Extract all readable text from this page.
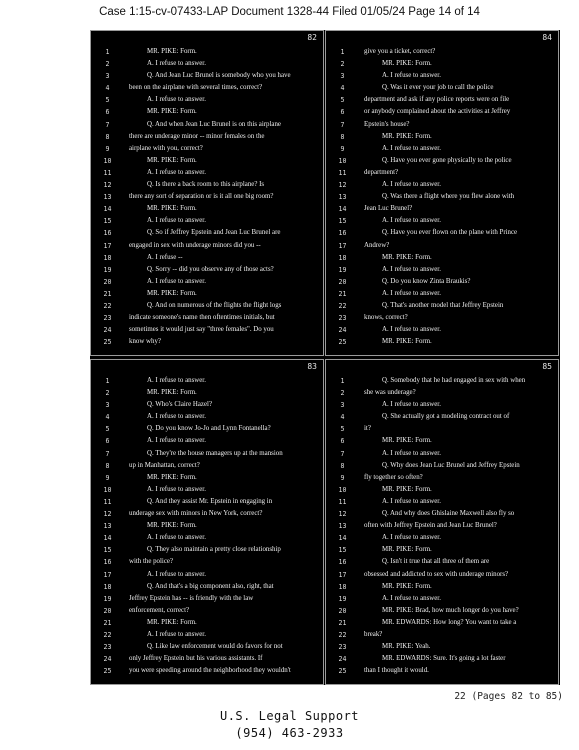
Case 1:15-cv-07433-LAP Document 1328-44 Filed 01/05/24 Page 14 of 14
82
1	MR. PIKE: Form.
2	A. I refuse to answer.
3	Q. And Jean Luc Brunel is somebody who you have
4	been on the airplane with several times, correct?
5	A. I refuse to answer.
6	MR. PIKE: Form.
7	Q. And when Jean Luc Brunel is on this airplane
8	there are underage minor -- minor females on the
9	airplane with you, correct?
10	MR. PIKE: Form.
11	A. I refuse to answer.
12	Q. Is there a back room to this airplane? Is
13	there any sort of separation or is it all one big room?
14	MR. PIKE: Form.
15	A. I refuse to answer.
16	Q. So if Jeffrey Epstein and Jean Luc Brunel are
17	engaged in sex with underage minors did you --
18	A. I refuse --
19	Q. Sorry -- did you observe any of those acts?
20	A. I refuse to answer.
21	MR. PIKE: Form.
22	Q. And on numerous of the flights the flight logs
23	indicate someone's name then oftentimes initials, but
24	sometimes it would just say "three females". Do you
25	know why?
84
1	give you a ticket, correct?
2	MR. PIKE: Form.
3	A. I refuse to answer.
4	Q. Was it ever your job to call the police
5	department and ask if any police reports were on file
6	or anybody complained about the activities at Jeffrey
7	Epstein's house?
8	MR. PIKE: Form.
9	A. I refuse to answer.
10	Q. Have you ever gone physically to the police
11	department?
12	A. I refuse to answer.
13	Q. Was there a flight where you flew alone with
14	Jean Luc Brunel?
15	A. I refuse to answer.
16	Q. Have you ever flown on the plane with Prince
17	Andrew?
18	MR. PIKE: Form.
19	A. I refuse to answer.
20	Q. Do you know Zinta Braukis?
21	A. I refuse to answer.
22	Q. That's another model that Jeffrey Epstein
23	knows, correct?
24	A. I refuse to answer.
25	MR. PIKE: Form.
83
1	A. I refuse to answer.
2	MR. PIKE: Form.
3	Q. Who's Claire Hazel?
4	A. I refuse to answer.
5	Q. Do you know Jo-Jo and Lynn Fontanella?
6	A. I refuse to answer.
7	Q. They're the house managers up at the mansion
8	up in Manhattan, correct?
9	MR. PIKE: Form.
10	A. I refuse to answer.
11	Q. And they assist Mr. Epstein in engaging in
12	underage sex with minors in New York, correct?
13	MR. PIKE: Form.
14	A. I refuse to answer.
15	Q. They also maintain a pretty close relationship
16	with the police?
17	A. I refuse to answer.
18	Q. And that's a big component also, right, that
19	Jeffrey Epstein has -- is friendly with the law
20	enforcement, correct?
21	MR. PIKE: Form.
22	A. I refuse to answer.
23	Q. Like law enforcement would do favors for not
24	only Jeffrey Epstein but his various assistants. If
25	you were speeding around the neighborhood they wouldn't
85
1	Q. Somebody that he had engaged in sex with when
2	she was underage?
3	A. I refuse to answer.
4	Q. She actually got a modeling contract out of
5	it?
6	MR. PIKE: Form.
7	A. I refuse to answer.
8	Q. Why does Jean Luc Brunel and Jeffrey Epstein
9	fly together so often?
10	MR. PIKE: Form.
11	A. I refuse to answer.
12	Q. And why does Ghislaine Maxwell also fly so
13	often with Jeffrey Epstein and Jean Luc Brunel?
14	A. I refuse to answer.
15	MR. PIKE: Form.
16	Q. Isn't it true that all three of them are
17	obsessed and addicted to sex with underage minors?
18	MR. PIKE: Form.
19	A. I refuse to answer.
20	MR. PIKE: Brad, how much longer do you have?
21	MR. EDWARDS: How long? You want to take a
22	break?
23	MR. PIKE: Yeah.
24	MR. EDWARDS: Sure. It's going a lot faster
25	than I thought it would.
22 (Pages 82 to 85)
U.S. Legal Support
(954) 463-2933
